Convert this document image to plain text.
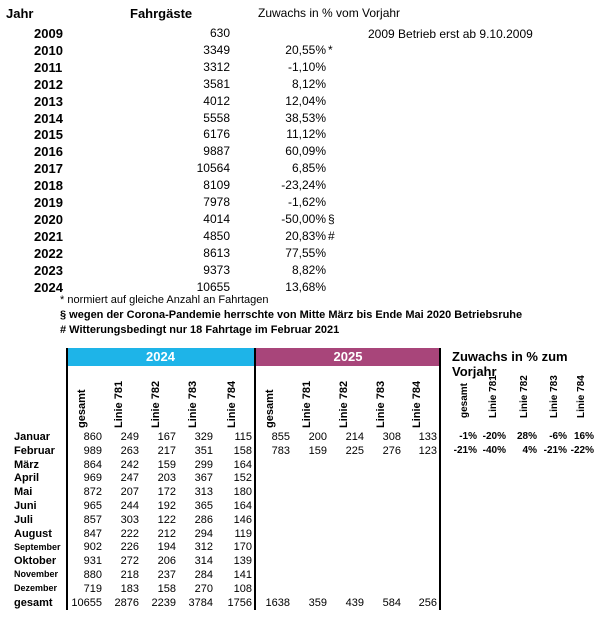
Jahr	Fahrgäste	Zuwachs in % vom Vorjahr
2009 Betrieb erst ab 9.10.2009
2009	630
2010	3349	20,55% *
2011	3312	-1,10%
2012	3581	8,12%
2013	4012	12,04%
2014	5558	38,53%
2015	6176	11,12%
2016	9887	60,09%
2017	10564	6,85%
2018	8109	-23,24%
2019	7978	-1,62%
2020	4014	-50,00% §
2021	4850	20,83% #
2022	8613	77,55%
2023	9373	8,82%
2024	10655	13,68%
* normiert auf gleiche Anzahl an Fahrtagen
§ wegen der Corona-Pandemie herrschte von Mitte März bis Ende Mai 2020 Betriebsruhe
# Witterungsbedingt nur 18 Fahrtage im Februar 2021
2024	2025	Zuwachs in % zum Vorjahr
gesamt Linie 781 Linie 782 Linie 783 Linie 784 gesamt Linie 781 Linie 782 Linie 783 Linie 784	gesamt Linie 781 Linie 782 Linie 783 Linie 784
Januar	860	249	167	329	115	855	200	214	308	133	-1% -20%	28%	-6% 16%
Februar	989	263	217	351	158	783	159	225	276	123	-21% -40%	4% -21% -22%
März	864	242	159	299	164
April	969	247	203	367	152
Mai	872	207	172	313	180
Juni	965	244	192	365	164
Juli	857	303	122	286	146
August	847	222	212	294	119
September	902	226	194	312	170
Oktober	931	272	206	314	139
November	880	218	237	284	141
Dezember	719	183	158	270	108
gesamt	10655	2876	2239	3784	1756	1638	359	439	584	256
